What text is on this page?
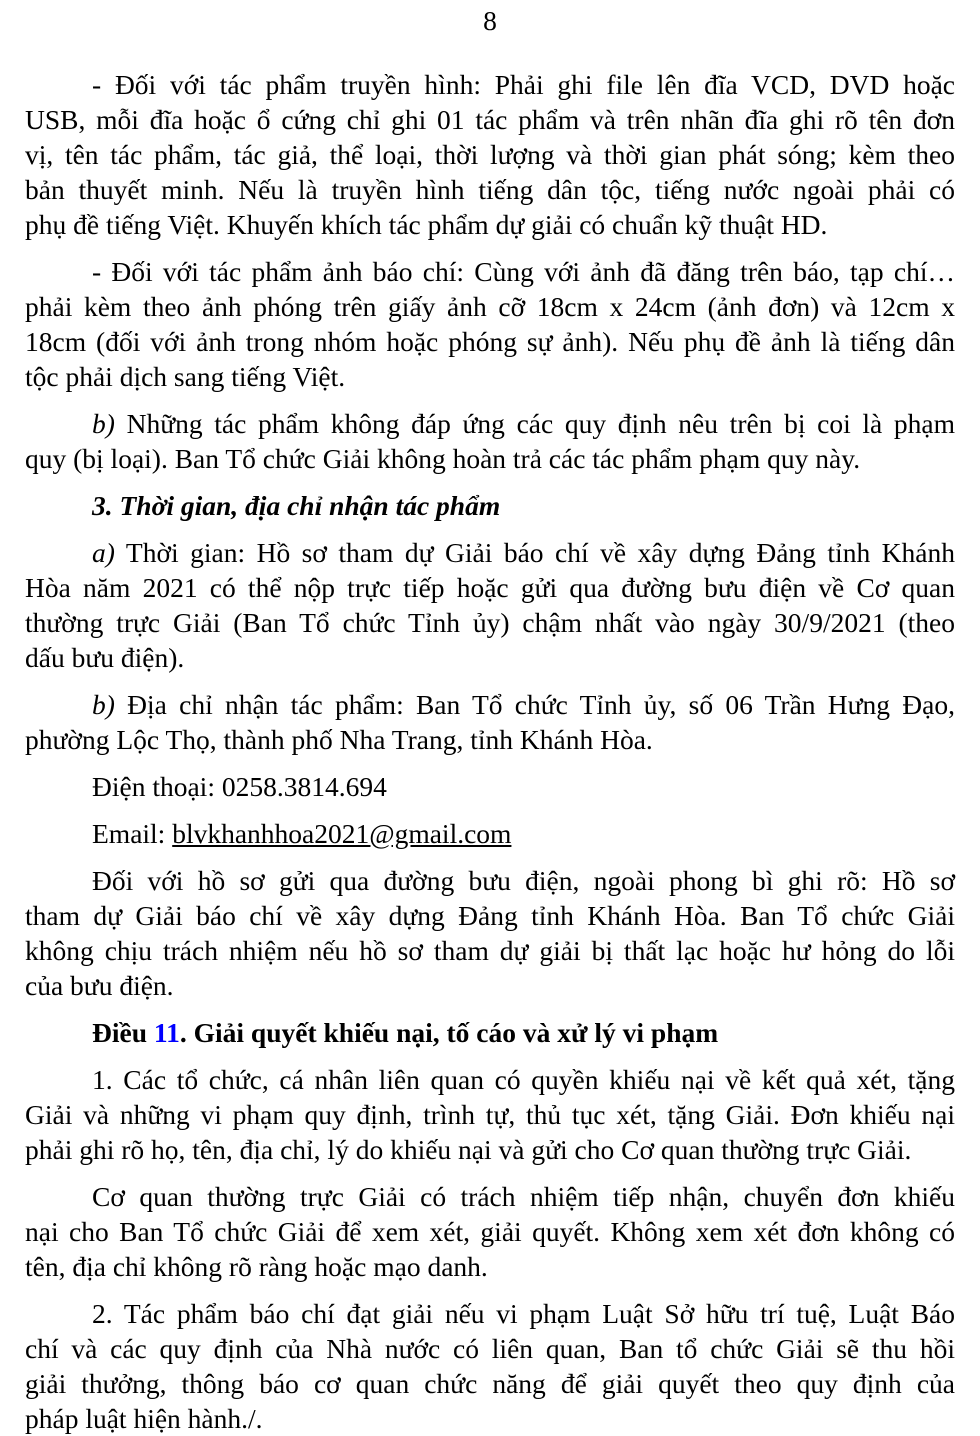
8
- Đối với tác phẩm truyền hình: Phải ghi file lên đĩa VCD, DVD hoặc
USB, mỗi đĩa hoặc ổ cứng chỉ ghi 01 tác phẩm và trên nhãn đĩa ghi rõ tên đơn
vị, tên tác phẩm, tác giả, thể loại, thời lượng và thời gian phát sóng; kèm theo
bản thuyết minh. Nếu là truyền hình tiếng dân tộc, tiếng nước ngoài phải có
phụ đề tiếng Việt. Khuyến khích tác phẩm dự giải có chuẩn kỹ thuật HD.
- Đối với tác phẩm ảnh báo chí: Cùng với ảnh đã đăng trên báo, tạp chí…
phải kèm theo ảnh phóng trên giấy ảnh cỡ 18cm x 24cm (ảnh đơn) và 12cm x
18cm (đối với ảnh trong nhóm hoặc phóng sự ảnh). Nếu phụ đề ảnh là tiếng dân
tộc phải dịch sang tiếng Việt.
b) Những tác phẩm không đáp ứng các quy định nêu trên bị coi là phạm
quy (bị loại). Ban Tổ chức Giải không hoàn trả các tác phẩm phạm quy này.
3. Thời gian, địa chỉ nhận tác phẩm
a) Thời gian: Hồ sơ tham dự Giải báo chí về xây dựng Đảng tỉnh Khánh
Hòa năm 2021 có thể nộp trực tiếp hoặc gửi qua đường bưu điện về Cơ quan
thường trực Giải (Ban Tổ chức Tỉnh ủy) chậm nhất vào ngày 30/9/2021 (theo
dấu bưu điện).
b) Địa chỉ nhận tác phẩm: Ban Tổ chức Tỉnh ủy, số 06 Trần Hưng Đạo,
phường Lộc Thọ, thành phố Nha Trang, tỉnh Khánh Hòa.
Điện thoại: 0258.3814.694
Email: blvkhanhhoa2021@gmail.com
Đối với hồ sơ gửi qua đường bưu điện, ngoài phong bì ghi rõ: Hồ sơ
tham dự Giải báo chí về xây dựng Đảng tỉnh Khánh Hòa. Ban Tổ chức Giải
không chịu trách nhiệm nếu hồ sơ tham dự giải bị thất lạc hoặc hư hỏng do lỗi
của bưu điện.
Điều 11. Giải quyết khiếu nại, tố cáo và xử lý vi phạm
1. Các tổ chức, cá nhân liên quan có quyền khiếu nại về kết quả xét, tặng
Giải và những vi phạm quy định, trình tự, thủ tục xét, tặng Giải. Đơn khiếu nại
phải ghi rõ họ, tên, địa chỉ, lý do khiếu nại và gửi cho Cơ quan thường trực Giải.
Cơ quan thường trực Giải có trách nhiệm tiếp nhận, chuyển đơn khiếu
nại cho Ban Tổ chức Giải để xem xét, giải quyết. Không xem xét đơn không có
tên, địa chỉ không rõ ràng hoặc mạo danh.
2. Tác phẩm báo chí đạt giải nếu vi phạm Luật Sở hữu trí tuệ, Luật Báo
chí và các quy định của Nhà nước có liên quan, Ban tổ chức Giải sẽ thu hồi
giải thưởng, thông báo cơ quan chức năng để giải quyết theo quy định của
pháp luật hiện hành./.
